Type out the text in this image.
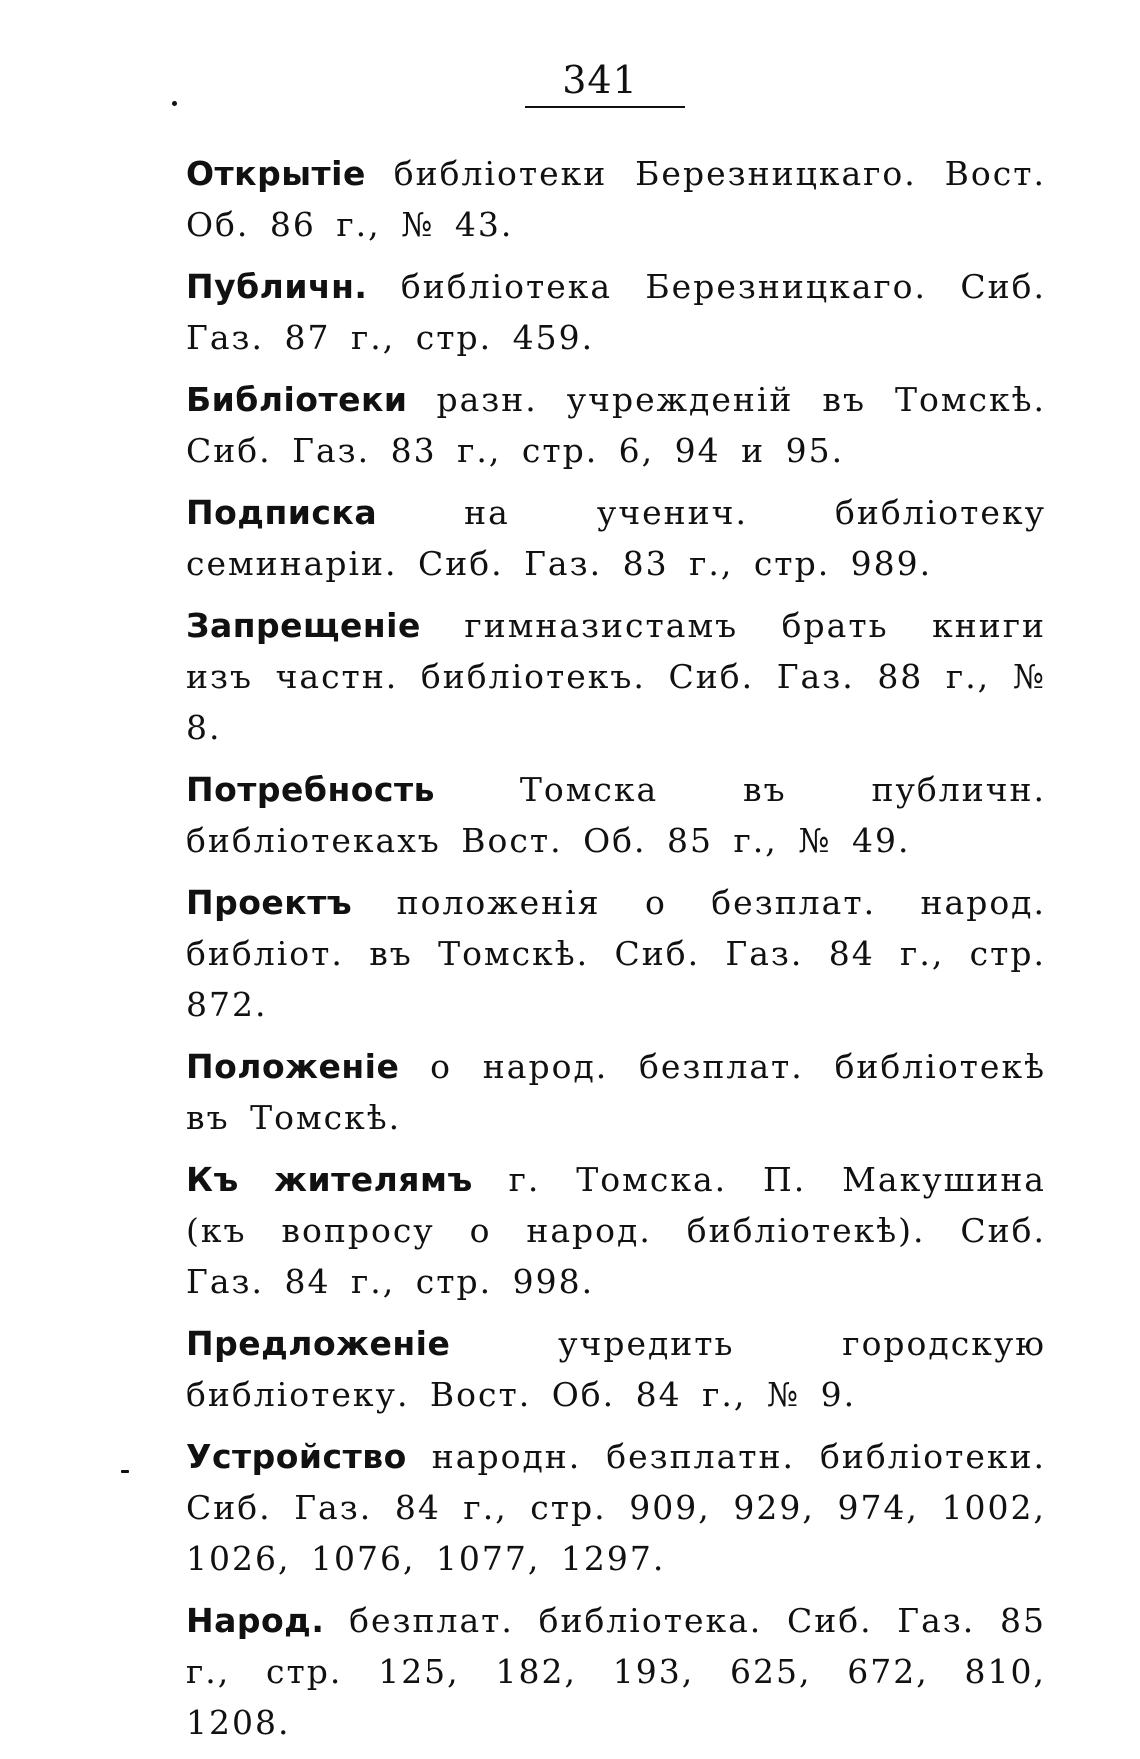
341
Открытіе библіотеки Березницкаго. Вост. Об. 86 г., № 43.
Публичн. библіотека Березницкаго. Сиб. Газ. 87 г., стр. 459.
Библіотеки разн. учрежденій въ Томскѣ. Сиб. Газ. 83 г., стр. 6, 94 и 95.
Подписка	на ученич. библіотеку семинаріи. Сиб. Газ. 83 г., стр. 989.
Запрещеніе гимназистамъ брать книги изъ частн. библіотекъ. Сиб. Газ. 88 г., № 8.
Потребность	Томска въ публичн. библіотекахъ Вост. Об. 85 г., № 49.
Проектъ положенія о безплат. народ. библіот. въ Томскѣ. Сиб. Газ. 84 г., стр. 872.
Положеніе о народ. безплат. библіотекѣ въ Томскѣ.
Къ жителямъ г. Томска. П. Макушина (къ вопросу о народ. библіотекѣ). Сиб. Газ. 84 г., стр. 998.
Предложеніе	учредить городскую библіотеку. Вост. Об. 84 г., № 9.
Устройство народн. безплатн. библіотеки. Сиб. Газ. 84 г., стр. 909, 929, 974, 1002, 1026, 1076, 1077, 1297.
Народ. безплат. библіотека. Сиб. Газ. 85 г., стр. 125, 182, 193, 625, 672, 810, 1208.
